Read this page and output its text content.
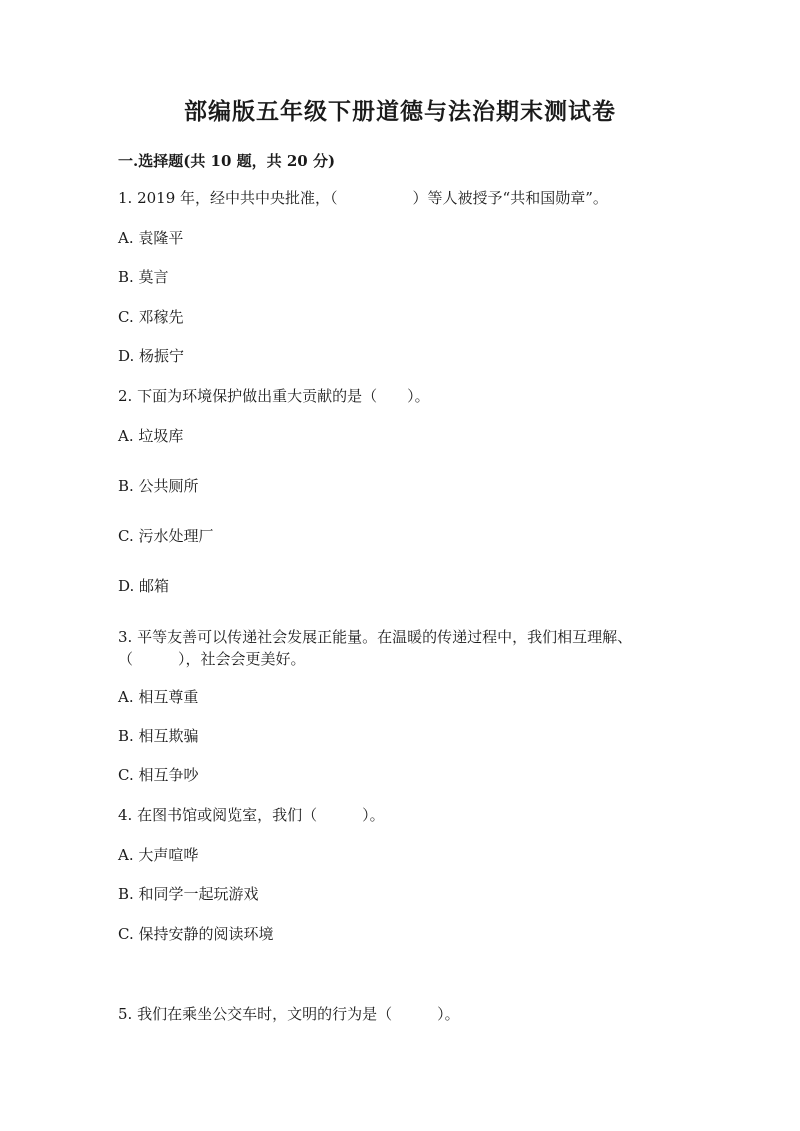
部编版五年级下册道德与法治期末测试卷
一.选择题(共 10 题，共 20 分)
1. 2019 年，经中共中央批准，（　　　　　）等人被授予“共和国勋章”。
A. 袁隆平
B. 莫言
C. 邓稼先
D. 杨振宁
2. 下面为环境保护做出重大贡献的是（　　）。
A. 垃圾库
B. 公共厕所
C. 污水处理厂
D. 邮箱
3. 平等友善可以传递社会发展正能量。在温暖的传递过程中，我们相互理解、
（　　　），社会会更美好。
A. 相互尊重
B. 相互欺骗
C. 相互争吵
4. 在图书馆或阅览室，我们（　　　）。
A. 大声喧哗
B. 和同学一起玩游戏
C. 保持安静的阅读环境
5. 我们在乘坐公交车时，文明的行为是（　　　）。
